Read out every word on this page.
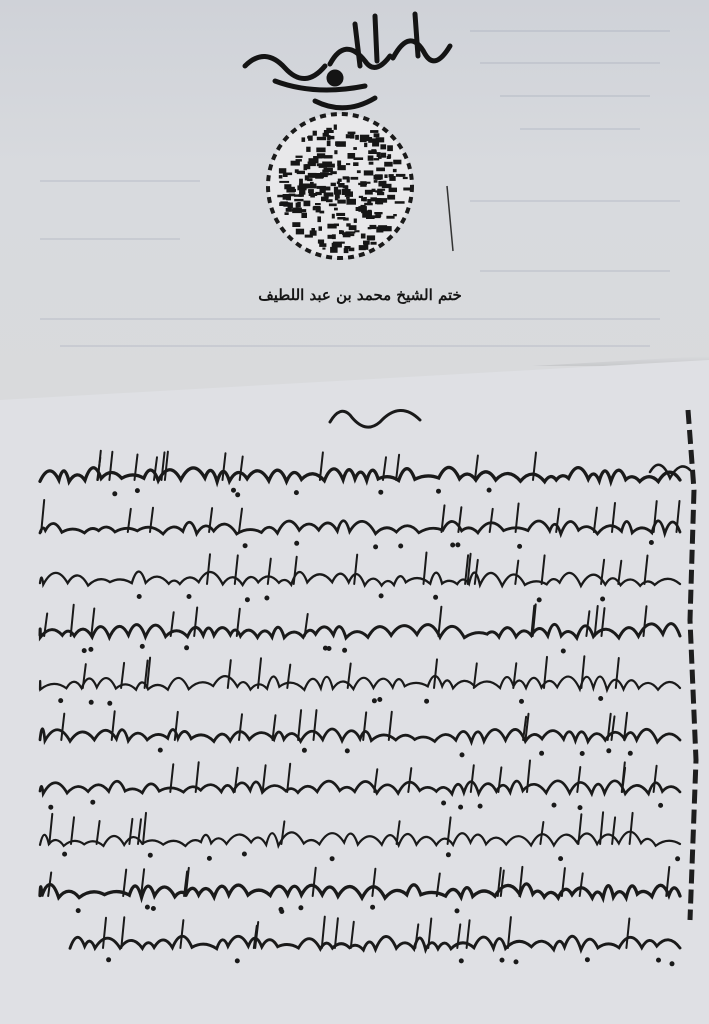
ختم الشيخ محمد بن عبد اللطيف
